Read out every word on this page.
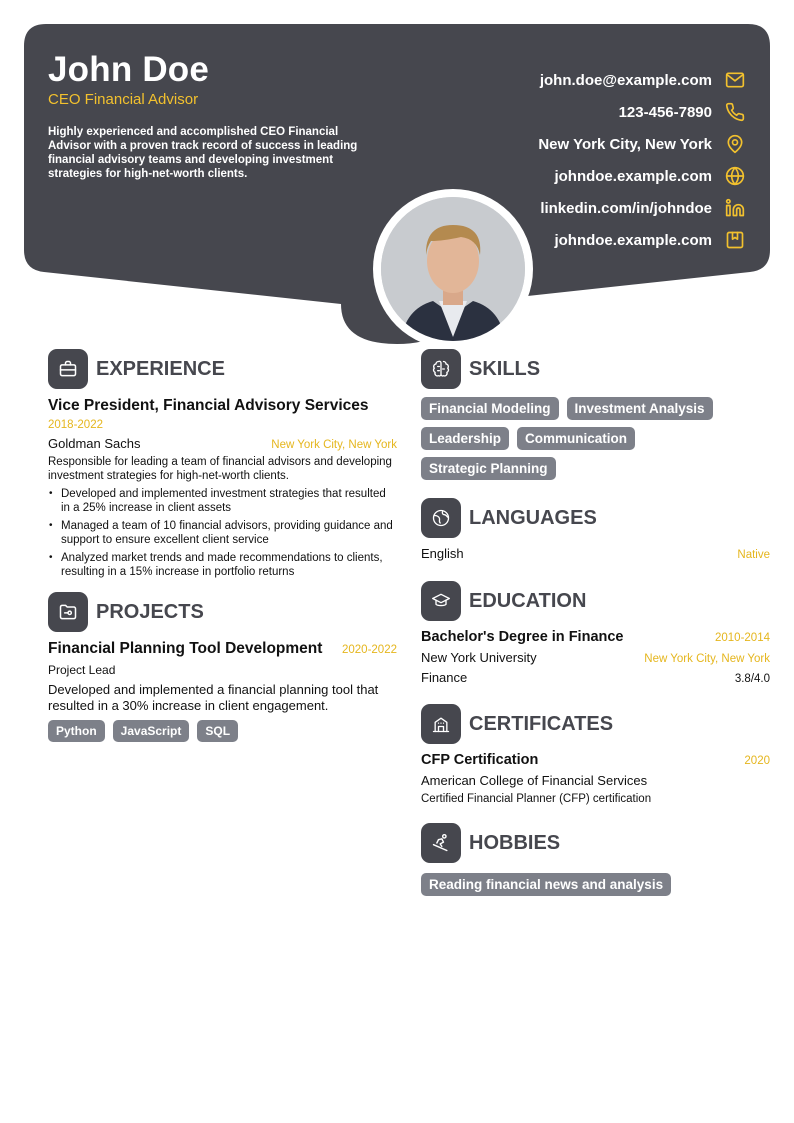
John Doe
CEO Financial Advisor
Highly experienced and accomplished CEO Financial Advisor with a proven track record of success in leading financial advisory teams and developing investment strategies for high-net-worth clients.
john.doe@example.com
123-456-7890
New York City, New York
johndoe.example.com
linkedin.com/in/johndoe
johndoe.example.com
EXPERIENCE
Vice President, Financial Advisory Services
2018-2022
Goldman Sachs	New York City, New York
Responsible for leading a team of financial advisors and developing investment strategies for high-net-worth clients.
• Developed and implemented investment strategies that resulted in a 25% increase in client assets
• Managed a team of 10 financial advisors, providing guidance and support to ensure excellent client service
• Analyzed market trends and made recommendations to clients, resulting in a 15% increase in portfolio returns
PROJECTS
Financial Planning Tool Development 2020-2022
Project Lead
Developed and implemented a financial planning tool that resulted in a 30% increase in client engagement.
Python	JavaScript	SQL
SKILLS
Financial Modeling	Investment Analysis
Leadership	Communication
Strategic Planning
LANGUAGES
English	Native
EDUCATION
Bachelor's Degree in Finance	2010-2014
New York University	New York City, New York
Finance	3.8/4.0
CERTIFICATES
CFP Certification	2020
American College of Financial Services
Certified Financial Planner (CFP) certification
HOBBIES
Reading financial news and analysis
